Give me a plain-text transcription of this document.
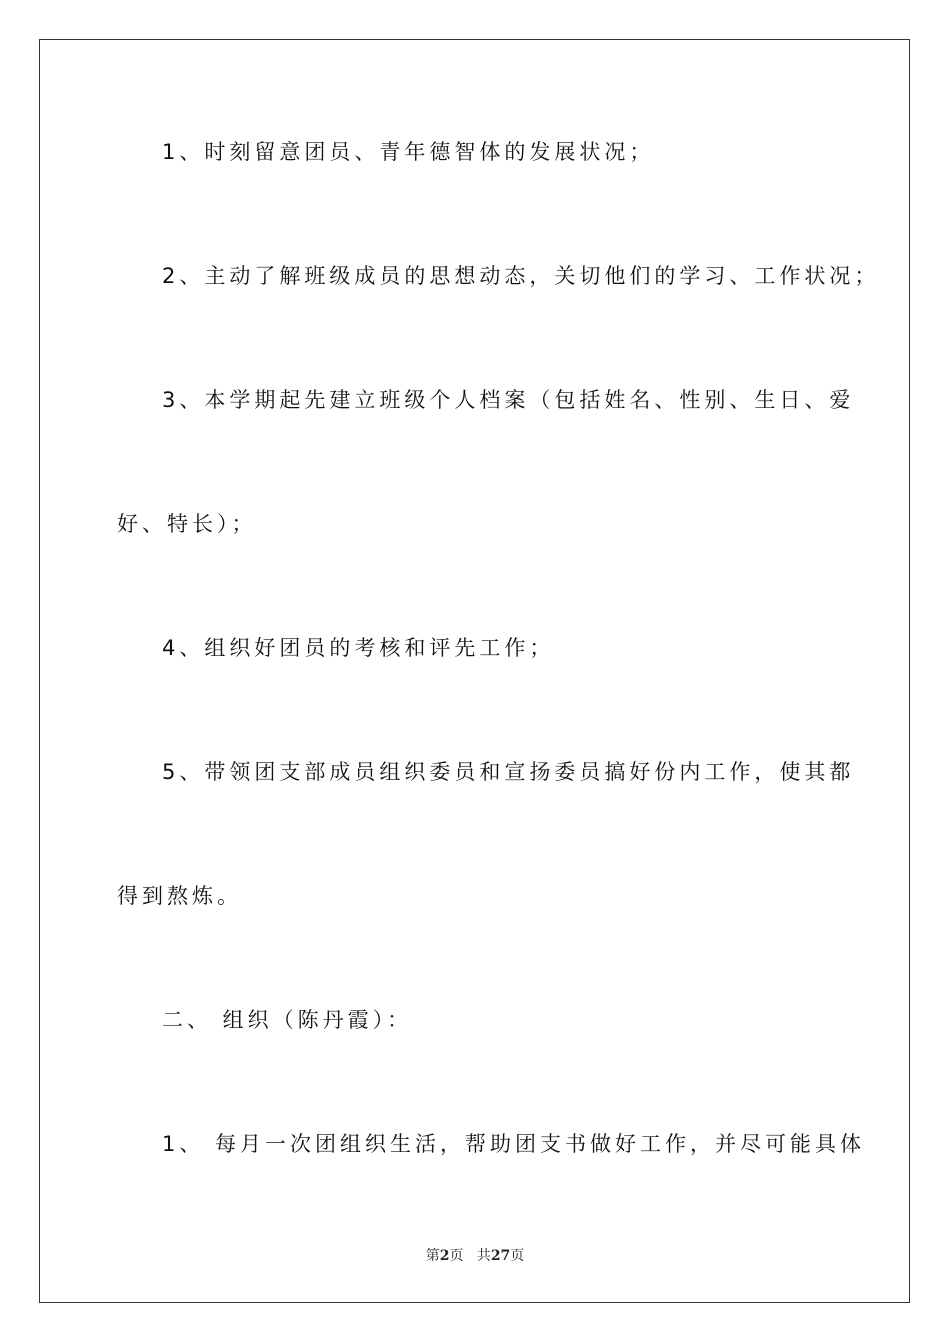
1、时刻留意团员、青年德智体的发展状况；
2、主动了解班级成员的思想动态，关切他们的学习、工作状况；
3、本学期起先建立班级个人档案（包括姓名、性别、生日、爱
好、特长）；
4、组织好团员的考核和评先工作；
5、带领团支部成员组织委员和宣扬委员搞好份内工作，使其都
得到熬炼。
二、 组织（陈丹霞）：
1、 每月一次团组织生活，帮助团支书做好工作，并尽可能具体
第2页 共27页
